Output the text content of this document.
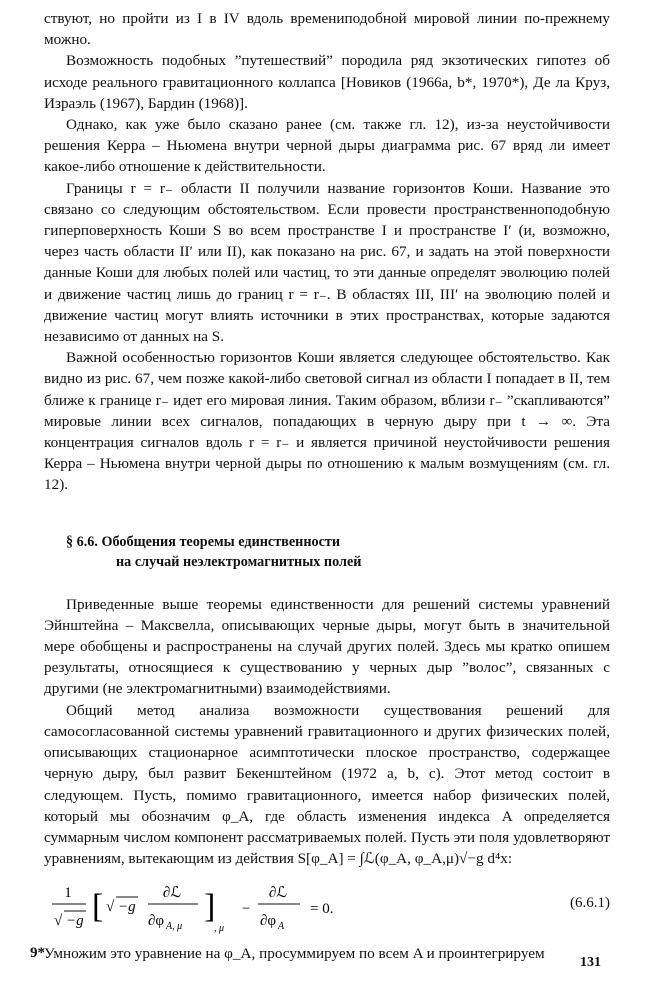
ствуют, но пройти из I в IV вдоль времениподобной мировой линии по-прежнему можно.

Возможность подобных ”путешествий” породила ряд экзотических гипотез об исходе реального гравитационного коллапса [Новиков (1966а, b*, 1970*), Де ла Круз, Израэль (1967), Бардин (1968)].

Однако, как уже было сказано ранее (см. также гл. 12), из-за неустойчивости решения Керра – Ньюмена внутри черной дыры диаграмма рис. 67 вряд ли имеет какое-либо отношение к действительности.

Границы r = r₋ области II получили название горизонтов Коши. Название это связано со следующим обстоятельством. Если провести пространственноподобную гиперповерхность Коши S во всем пространстве I и пространстве I′ (и, возможно, через часть области II′ или II), как показано на рис. 67, и задать на этой поверхности данные Коши для любых полей или частиц, то эти данные определят эволюцию полей и движение частиц лишь до границ r = r₋. В областях III, III′ на эволюцию полей и движение частиц могут влиять источники в этих пространствах, которые задаются независимо от данных на S.

Важной особенностью горизонтов Коши является следующее обстоятельство. Как видно из рис. 67, чем позже какой-либо световой сигнал из области I попадает в II, тем ближе к границе r₋ идет его мировая линия. Таким образом, вблизи r₋ ”скапливаются” мировые линии всех сигналов, попадающих в черную дыру при t → ∞. Эта концентрация сигналов вдоль r = r₋ и является причиной неустойчивости решения Керра – Ньюмена внутри черной дыры по отношению к малым возмущениям (см. гл. 12).

§ 6.6. Обобщения теоремы единственности
на случай неэлектромагнитных полей

Приведенные выше теоремы единственности для решений системы уравнений Эйнштейна – Максвелла, описывающих черные дыры, могут быть в значительной мере обобщены и распространены на случай других полей. Здесь мы кратко опишем результаты, относящиеся к существованию у черных дыр ”волос”, связанных с другими (не электромагнитными) взаимодействиями.

Общий метод анализа возможности существования решений для самосогласованной системы уравнений гравитационного и других физических полей, описывающих стационарное асимптотически плоское пространство, содержащее черную дыру, был развит Бекенштейном (1972 a, b, c). Этот метод состоит в следующем. Пусть, помимо гравитационного, имеется набор физических полей, который мы обозначим φ_A, где область изменения индекса A определяется суммарным числом компонент рассматриваемых полей. Пусть эти поля удовлетворяют уравнениям, вытекающим из действия S[φ_A] = ∫ℒ(φ_A, φ_A,μ)√−g d⁴x:

1
√ −g [ √ −g
∂ℒ
∂φ A, μ
]
, μ
−
∂ℒ
∂φ A
= 0.	(6.6.1)

Умножим это уравнение на φ_A, просуммируем по всем A и проинтегрируем

9*
131
